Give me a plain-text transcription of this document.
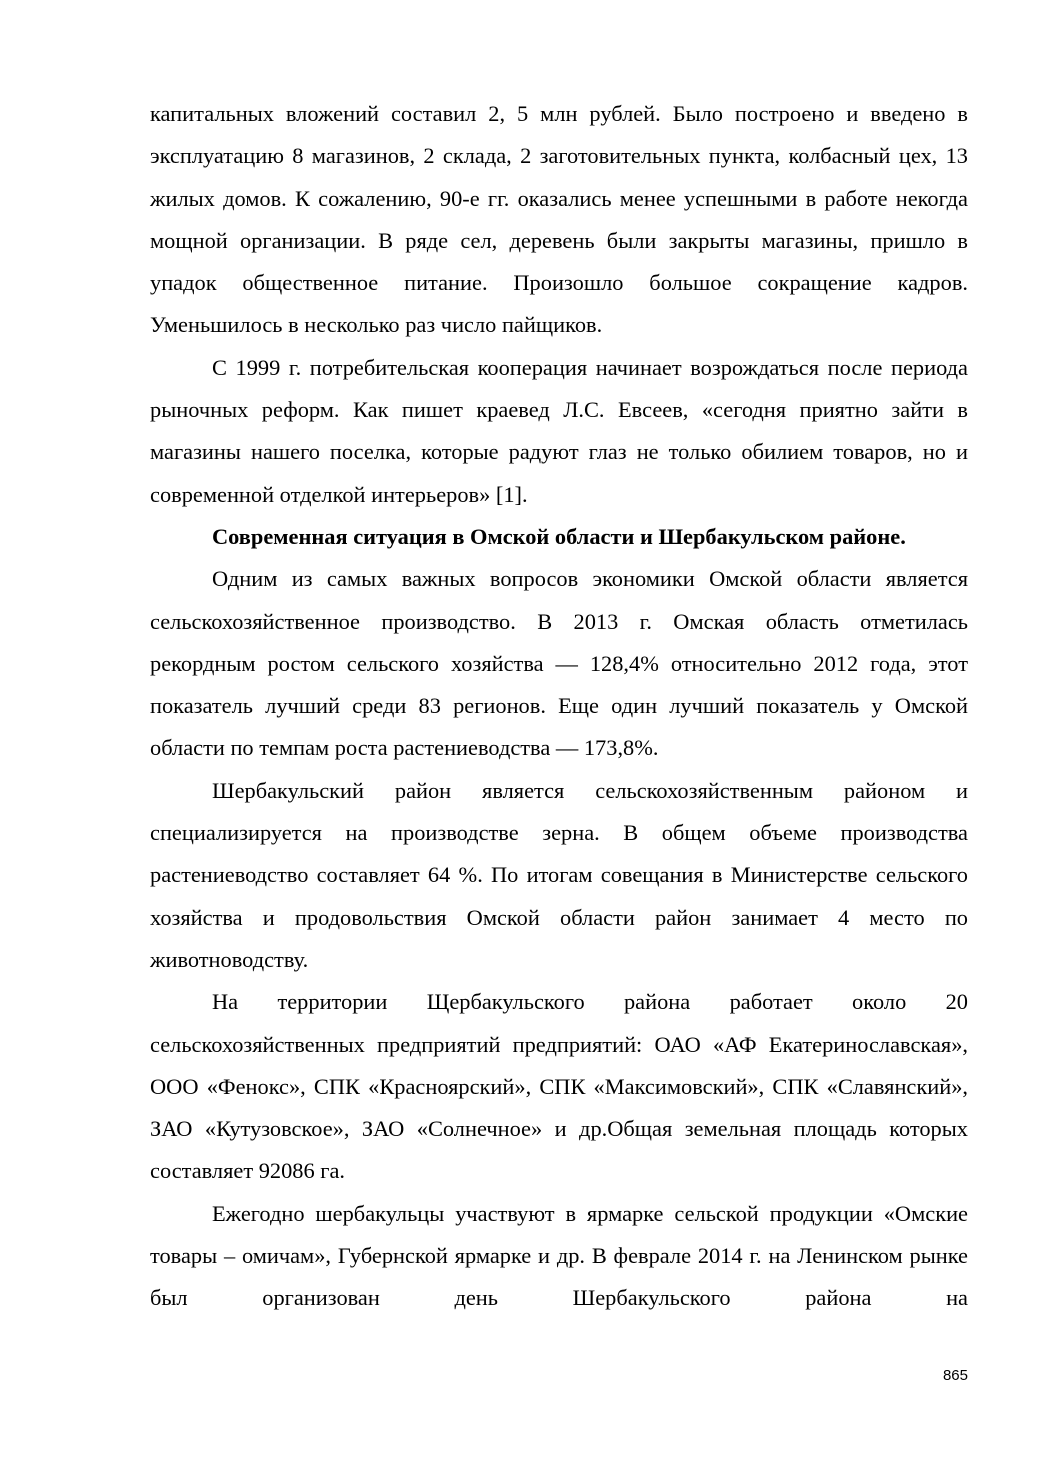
капитальных вложений составил 2, 5 млн рублей. Было построено и введено в эксплуатацию 8 магазинов, 2 склада, 2 заготовительных пункта, колбасный цех, 13 жилых домов. К сожалению, 90-е гг. оказались менее успешными в работе некогда мощной организации. В ряде сел, деревень были закрыты магазины, пришло в упадок общественное питание. Произошло большое сокращение кадров. Уменьшилось в несколько раз число пайщиков.

С 1999 г. потребительская кооперация начинает возрождаться после периода рыночных реформ. Как пишет краевед Л.С. Евсеев, «сегодня приятно зайти в магазины нашего поселка, которые радуют глаз не только обилием товаров, но и современной отделкой интерьеров» [1].

Современная ситуация в Омской области и Шербакульском районе.

Одним из самых важных вопросов экономики Омской области является сельскохозяйственное производство. В 2013 г. Омская область отметилась рекордным ростом сельского хозяйства — 128,4% относительно 2012 года, этот показатель лучший среди 83 регионов. Еще один лучший показатель у Омской области по темпам роста растениеводства — 173,8%.

Шербакульский район является сельскохозяйственным районом и специализируется на производстве зерна. В общем объеме производства растениеводство составляет 64 %. По итогам совещания в Министерстве сельского хозяйства и продовольствия Омской области район занимает 4 место по животноводству.

На территории Щербакульского района работает около 20 сельскохозяйственных предприятий предприятий: ОАО «АФ Екатеринославская», ООО «Фенокс», СПК «Красноярский», СПК «Максимовский», СПК «Славянский», ЗАО «Кутузовское», ЗАО «Солнечное» и др.Общая земельная площадь которых составляет 92086 га.

Ежегодно шербакульцы участвуют в ярмарке сельской продукции «Омские товары – омичам», Губернской ярмарке и др. В феврале 2014 г. на Ленинском рынке был организован день Шербакульского района на

865
